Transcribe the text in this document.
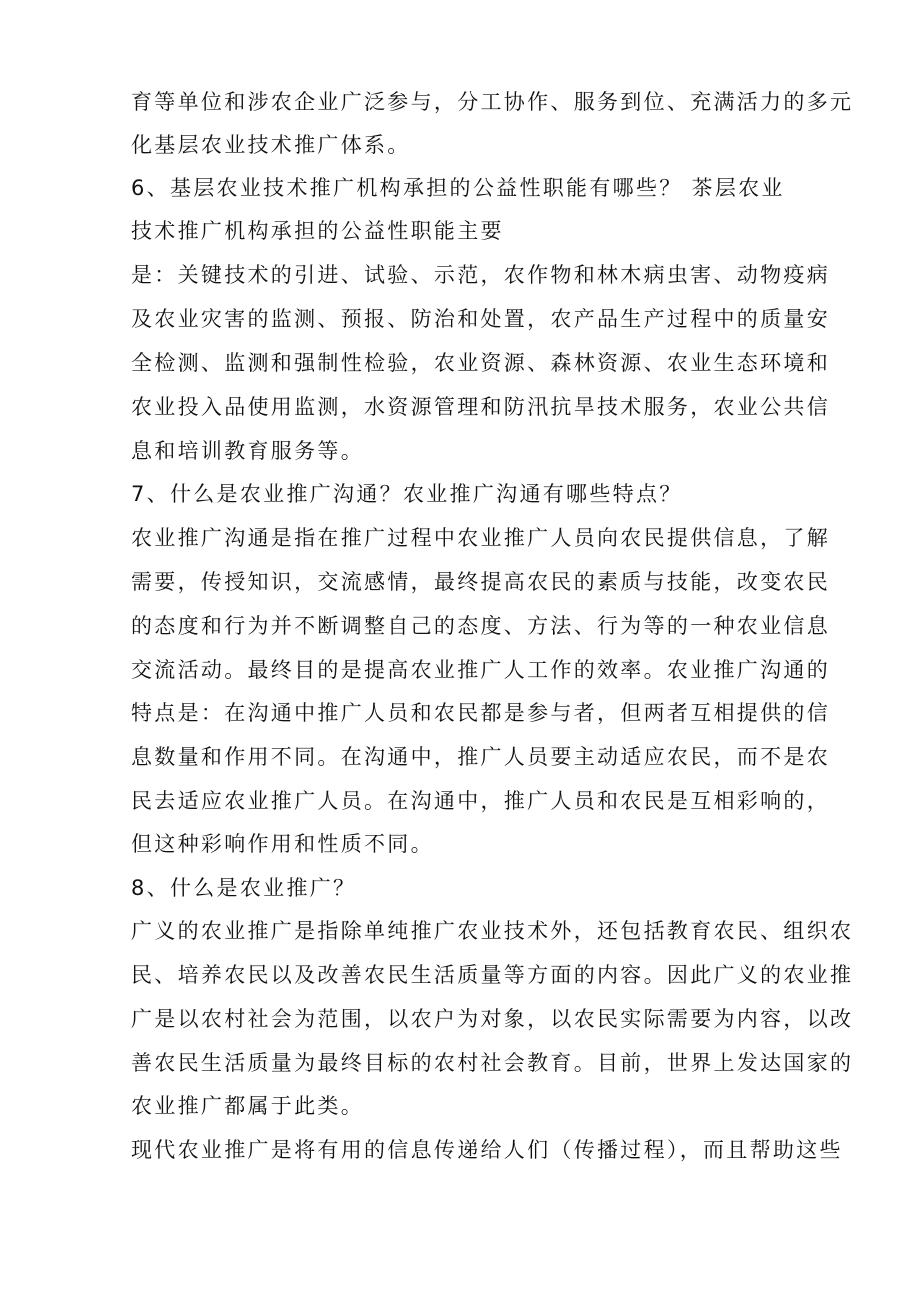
育等单位和涉农企业广泛参与，分工协作、服务到位、充满活力的多元

化基层农业技术推广体系。

6、基层农业技术推广机构承担的公益性职能有哪些？ 茶层农业

技术推广机构承担的公益性职能主要

是：关键技术的引进、试验、示范，农作物和林木病虫害、动物疫病

及农业灾害的监测、预报、防治和处置，农产品生产过程中的质量安

全检测、监测和强制性检验，农业资源、森林资源、农业生态环境和

农业投入品使用监测，水资源管理和防汛抗旱技术服务，农业公共信

息和培训教育服务等。

7、什么是农业推广沟通？农业推广沟通有哪些特点？

农业推广沟通是指在推广过程中农业推广人员向农民提供信息，了解

需要，传授知识，交流感情，最终提高农民的素质与技能，改变农民

的态度和行为并不断调整自己的态度、方法、行为等的一种农业信息

交流活动。最终目的是提高农业推广人工作的效率。农业推广沟通的

特点是：在沟通中推广人员和农民都是参与者，但两者互相提供的信

息数量和作用不同。在沟通中，推广人员要主动适应农民，而不是农

民去适应农业推广人员。在沟通中，推广人员和农民是互相彩响的，

但这种彩响作用和性质不同。

8、什么是农业推广？

广义的农业推广是指除单纯推广农业技术外，还包括教育农民、组织农

民、培养农民以及改善农民生活质量等方面的内容。因此广义的农业推

广是以农村社会为范围，以农户为对象，以农民实际需要为内容，以改

善农民生活质量为最终目标的农村社会教育。目前，世界上发达国家的

农业推广都属于此类。

现代农业推广是将有用的信息传递给人们（传播过程），而且帮助这些
